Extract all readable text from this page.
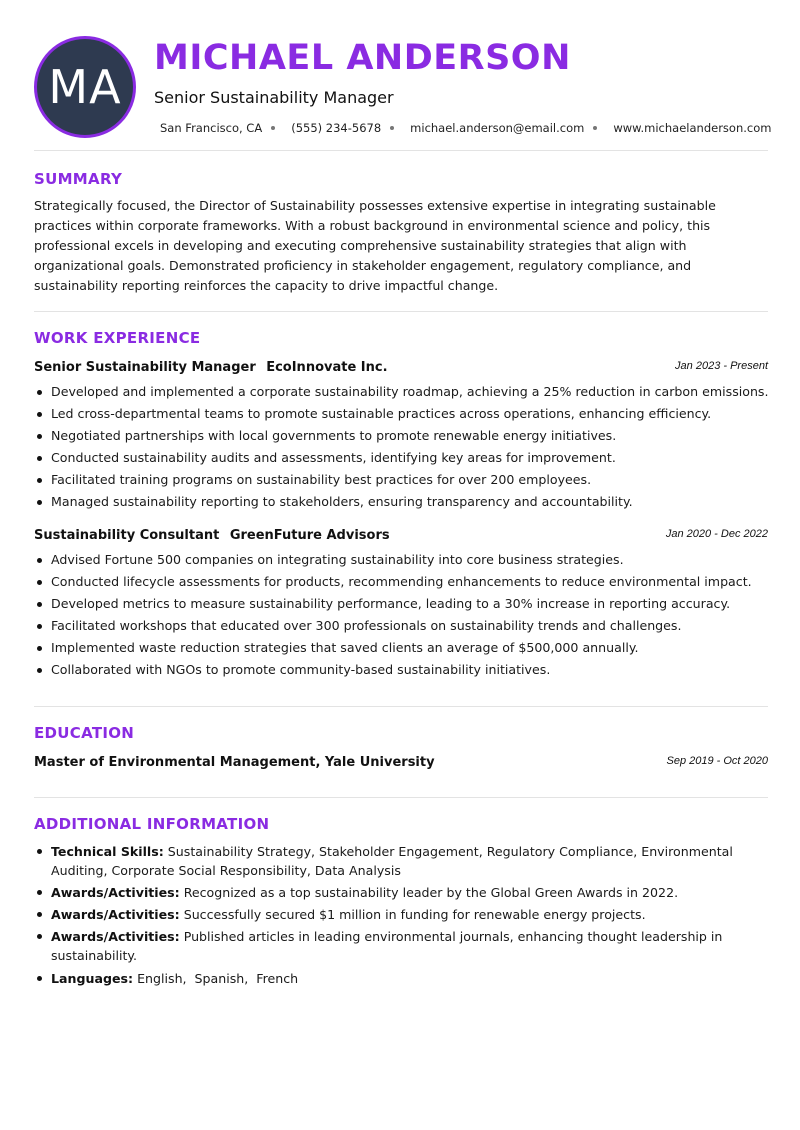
MA
MICHAEL ANDERSON
Senior Sustainability Manager
San Francisco, CA	(555) 234-5678	michael.anderson@email.com	www.michaelanderson.com
SUMMARY

Strategically focused, the Director of Sustainability possesses extensive expertise in integrating sustainable practices within corporate frameworks. With a robust background in environmental science and policy, this professional excels in developing and executing comprehensive sustainability strategies that align with organizational goals. Demonstrated proficiency in stakeholder engagement, regulatory compliance, and sustainability reporting reinforces the capacity to drive impactful change.

WORK EXPERIENCE
Senior Sustainability Manager EcoInnovate Inc.	Jan 2023 - Present
Developed and implemented a corporate sustainability roadmap, achieving a 25% reduction in carbon emissions.
Led cross-departmental teams to promote sustainable practices across operations, enhancing efficiency.
Negotiated partnerships with local governments to promote renewable energy initiatives.
Conducted sustainability audits and assessments, identifying key areas for improvement.
Facilitated training programs on sustainability best practices for over 200 employees.
Managed sustainability reporting to stakeholders, ensuring transparency and accountability.
Sustainability Consultant GreenFuture Advisors	Jan 2020 - Dec 2022
Advised Fortune 500 companies on integrating sustainability into core business strategies.
Conducted lifecycle assessments for products, recommending enhancements to reduce environmental impact.
Developed metrics to measure sustainability performance, leading to a 30% increase in reporting accuracy.
Facilitated workshops that educated over 300 professionals on sustainability trends and challenges.
Implemented waste reduction strategies that saved clients an average of $500,000 annually.
Collaborated with NGOs to promote community-based sustainability initiatives.
EDUCATION
Master of Environmental Management, Yale University	Sep 2019 - Oct 2020
ADDITIONAL INFORMATION
Technical Skills: Sustainability Strategy, Stakeholder Engagement, Regulatory Compliance, Environmental Auditing, Corporate Social Responsibility, Data Analysis
Awards/Activities: Recognized as a top sustainability leader by the Global Green Awards in 2022.
Awards/Activities: Successfully secured $1 million in funding for renewable energy projects.
Awards/Activities: Published articles in leading environmental journals, enhancing thought leadership in sustainability.
Languages: English,  Spanish,  French
